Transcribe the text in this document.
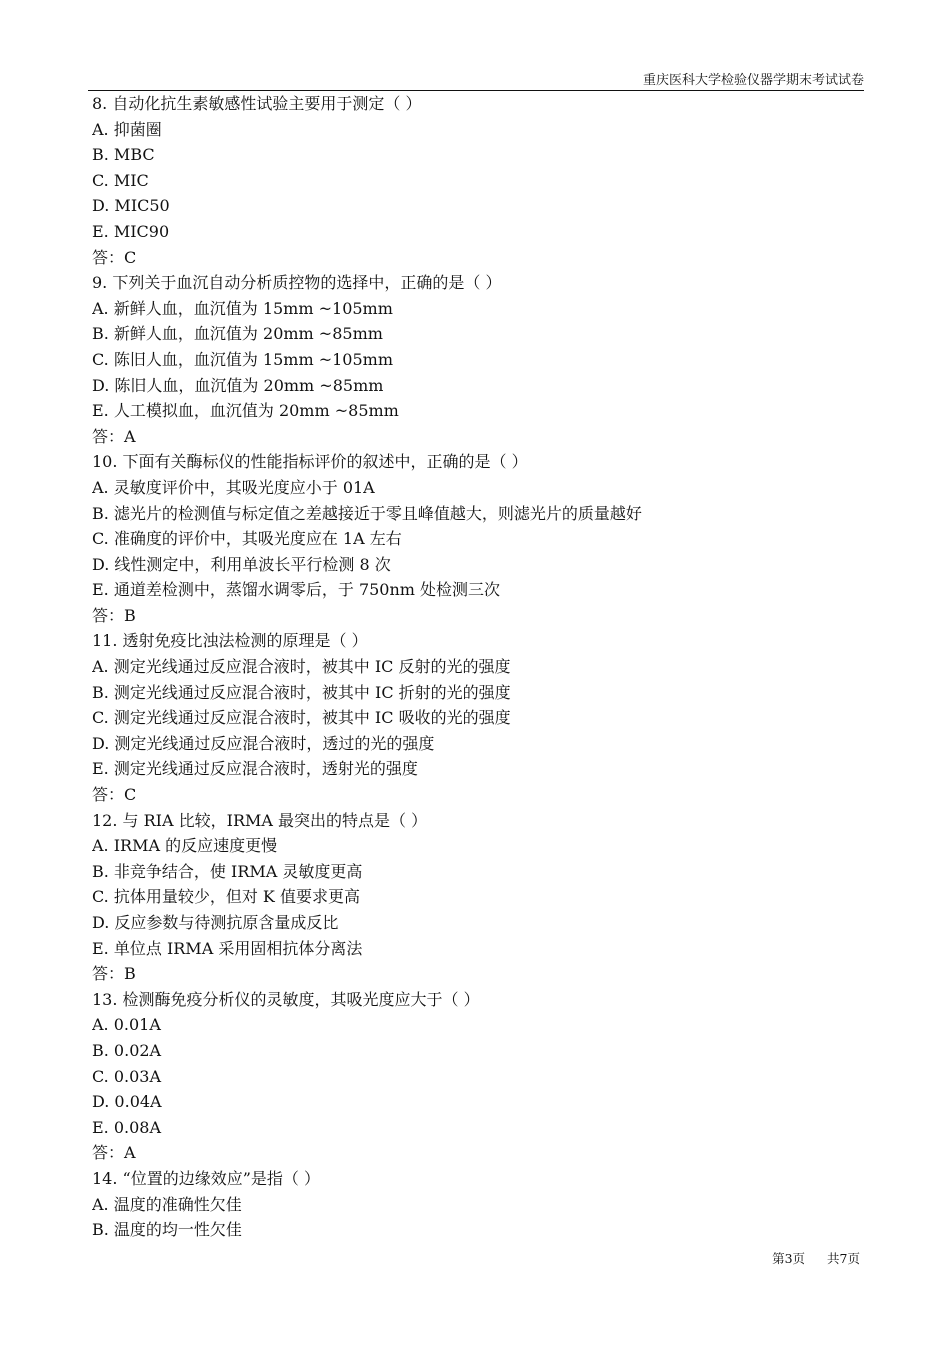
重庆医科大学检验仪器学期末考试试卷
8. 自动化抗生素敏感性试验主要用于测定（ ）
A. 抑菌圈
B. MBC
C. MIC
D. MIC50
E. MIC90
答：C
9. 下列关于血沉自动分析质控物的选择中，正确的是（ ）
A. 新鲜人血，血沉值为 15mm ~105mm
B. 新鲜人血，血沉值为 20mm ~85mm
C. 陈旧人血，血沉值为 15mm ~105mm
D. 陈旧人血，血沉值为 20mm ~85mm
E. 人工模拟血，血沉值为 20mm ~85mm
答：A
10. 下面有关酶标仪的性能指标评价的叙述中，正确的是（ ）
A. 灵敏度评价中，其吸光度应小于 01A
B. 滤光片的检测值与标定值之差越接近于零且峰值越大，则滤光片的质量越好
C. 准确度的评价中，其吸光度应在 1A 左右
D. 线性测定中，利用单波长平行检测 8 次
E. 通道差检测中，蒸馏水调零后，于 750nm 处检测三次
答：B
11. 透射免疫比浊法检测的原理是（ ）
A. 测定光线通过反应混合液时，被其中 IC 反射的光的强度
B. 测定光线通过反应混合液时，被其中 IC 折射的光的强度
C. 测定光线通过反应混合液时，被其中 IC 吸收的光的强度
D. 测定光线通过反应混合液时，透过的光的强度
E. 测定光线通过反应混合液时，透射光的强度
答：C
12. 与 RIA 比较，IRMA 最突出的特点是（ ）
A. IRMA 的反应速度更慢
B. 非竞争结合，使 IRMA 灵敏度更高
C. 抗体用量较少，但对 K 值要求更高
D. 反应参数与待测抗原含量成反比
E. 单位点 IRMA 采用固相抗体分离法
答：B
13. 检测酶免疫分析仪的灵敏度，其吸光度应大于（ ）
A. 0.01A
B. 0.02A
C. 0.03A
D. 0.04A
E. 0.08A
答：A
14. “位置的边缘效应”是指（ ）
A. 温度的准确性欠佳
B. 温度的均一性欠佳
第3页 共7页
